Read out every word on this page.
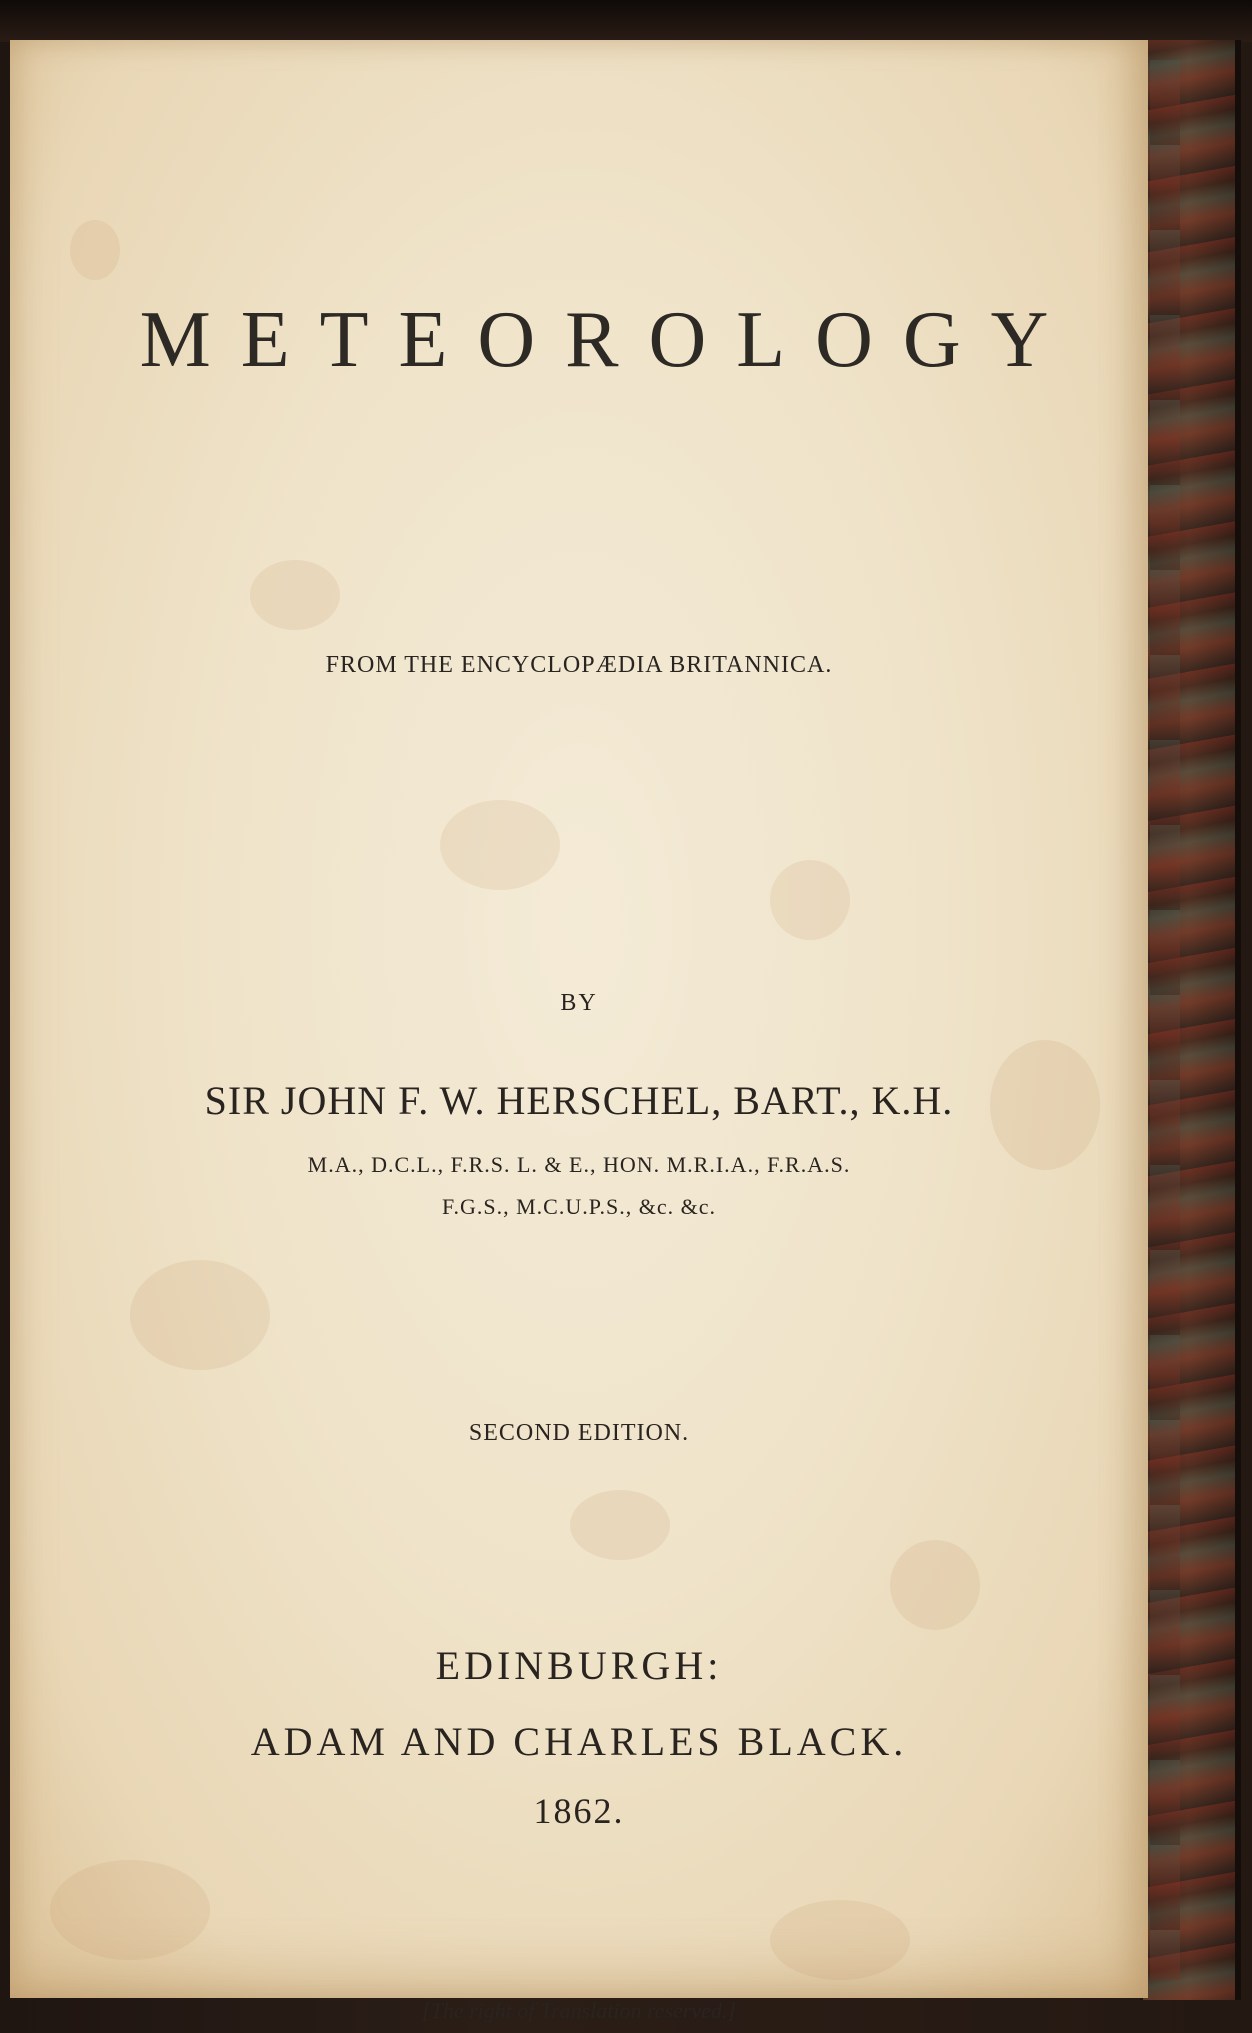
METEOROLOGY
FROM THE ENCYCLOPÆDIA BRITANNICA.
BY
SIR JOHN F. W. HERSCHEL, BART., K.H.
M.A., D.C.L., F.R.S. L. & E., HON. M.R.I.A., F.R.A.S.
F.G.S., M.C.U.P.S., &c. &c.
SECOND EDITION.
EDINBURGH:
ADAM AND CHARLES BLACK.
1862.
[The right of Translation reserved.]
